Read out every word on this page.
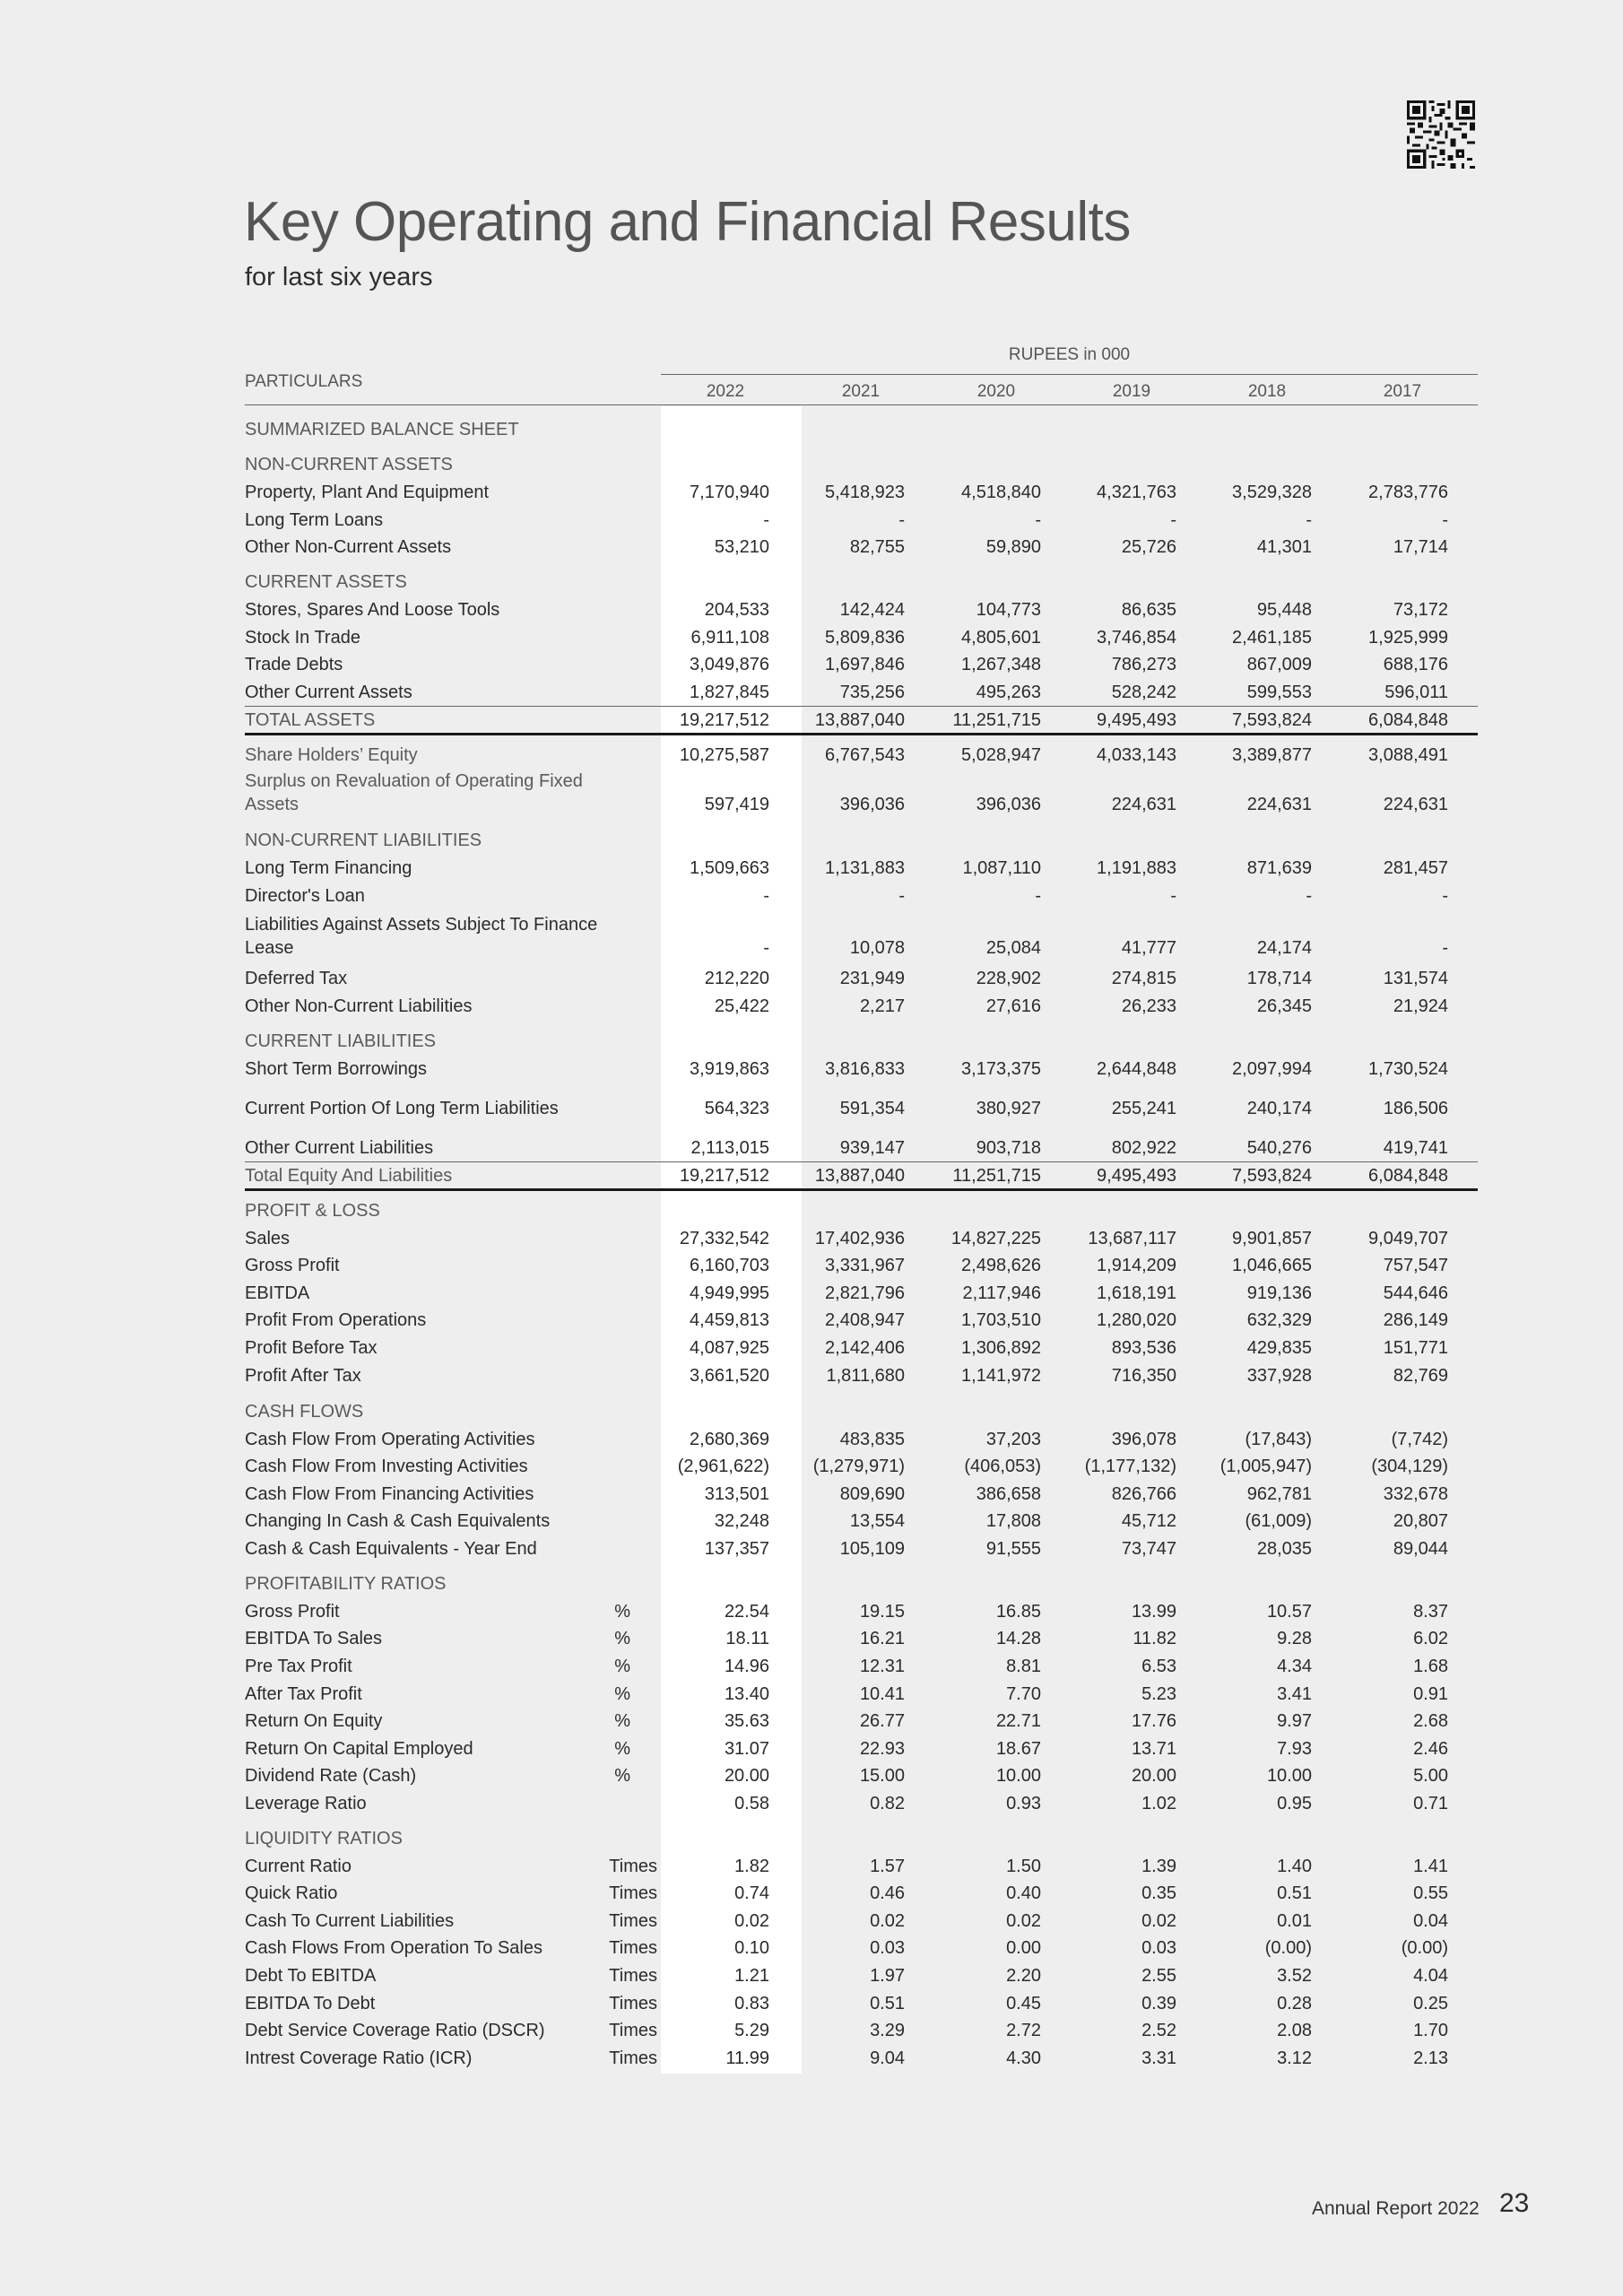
Key Operating and Financial Results
for last six years
RUPEES in 000
PARTICULARS
2022	2021	2020	2019	2018	2017
SUMMARIZED BALANCE SHEET
NON-CURRENT ASSETS
Property, Plant And Equipment	7,170,940	5,418,923	4,518,840	4,321,763	3,529,328	2,783,776
Long Term Loans	-	-	-	-	-	-
Other Non-Current Assets	53,210	82,755	59,890	25,726	41,301	17,714
CURRENT ASSETS
Stores, Spares And Loose Tools	204,533	142,424	104,773	86,635	95,448	73,172
Stock In Trade	6,911,108	5,809,836	4,805,601	3,746,854	2,461,185	1,925,999
Trade Debts	3,049,876	1,697,846	1,267,348	786,273	867,009	688,176
Other Current Assets	1,827,845	735,256	495,263	528,242	599,553	596,011
TOTAL ASSETS	19,217,512	13,887,040	11,251,715	9,495,493	7,593,824	6,084,848
Share Holders’ Equity	10,275,587	6,767,543	5,028,947	4,033,143	3,389,877	3,088,491
Surplus on Revaluation of Operating Fixed
Assets	597,419	396,036	396,036	224,631	224,631	224,631
NON-CURRENT LIABILITIES
Long Term Financing	1,509,663	1,131,883	1,087,110	1,191,883	871,639	281,457
Director's Loan	-	-	-	-	-	-
Liabilities Against Assets Subject To Finance
Lease	-	10,078	25,084	41,777	24,174	-
Deferred Tax	212,220	231,949	228,902	274,815	178,714	131,574
Other Non-Current Liabilities	25,422	2,217	27,616	26,233	26,345	21,924
CURRENT LIABILITIES
Short Term Borrowings	3,919,863	3,816,833	3,173,375	2,644,848	2,097,994	1,730,524
Current Portion Of Long Term Liabilities	564,323	591,354	380,927	255,241	240,174	186,506
Other Current Liabilities	2,113,015	939,147	903,718	802,922	540,276	419,741
Total Equity And Liabilities	19,217,512	13,887,040	11,251,715	9,495,493	7,593,824	6,084,848
PROFIT & LOSS
Sales	27,332,542	17,402,936	14,827,225	13,687,117	9,901,857	9,049,707
Gross Profit	6,160,703	3,331,967	2,498,626	1,914,209	1,046,665	757,547
EBITDA	4,949,995	2,821,796	2,117,946	1,618,191	919,136	544,646
Profit From Operations	4,459,813	2,408,947	1,703,510	1,280,020	632,329	286,149
Profit Before Tax	4,087,925	2,142,406	1,306,892	893,536	429,835	151,771
Profit After Tax	3,661,520	1,811,680	1,141,972	716,350	337,928	82,769
CASH FLOWS
Cash Flow From Operating Activities	2,680,369	483,835	37,203	396,078	(17,843)	(7,742)
Cash Flow From Investing Activities	(2,961,622)	(1,279,971)	(406,053)	(1,177,132)	(1,005,947)	(304,129)
Cash Flow From Financing Activities	313,501	809,690	386,658	826,766	962,781	332,678
Changing In Cash & Cash Equivalents	32,248	13,554	17,808	45,712	(61,009)	20,807
Cash & Cash Equivalents - Year End	137,357	105,109	91,555	73,747	28,035	89,044
PROFITABILITY RATIOS
Gross Profit	%	22.54	19.15	16.85	13.99	10.57	8.37
EBITDA To Sales	%	18.11	16.21	14.28	11.82	9.28	6.02
Pre Tax Profit	%	14.96	12.31	8.81	6.53	4.34	1.68
After Tax Profit	%	13.40	10.41	7.70	5.23	3.41	0.91
Return On Equity	%	35.63	26.77	22.71	17.76	9.97	2.68
Return On Capital Employed	%	31.07	22.93	18.67	13.71	7.93	2.46
Dividend Rate (Cash)	%	20.00	15.00	10.00	20.00	10.00	5.00
Leverage Ratio	0.58	0.82	0.93	1.02	0.95	0.71
LIQUIDITY RATIOS
Current Ratio	Times	1.82	1.57	1.50	1.39	1.40	1.41
Quick Ratio	Times	0.74	0.46	0.40	0.35	0.51	0.55
Cash To Current Liabilities	Times	0.02	0.02	0.02	0.02	0.01	0.04
Cash Flows From Operation To Sales	Times	0.10	0.03	0.00	0.03	(0.00)	(0.00)
Debt To EBITDA	Times	1.21	1.97	2.20	2.55	3.52	4.04
EBITDA To Debt	Times	0.83	0.51	0.45	0.39	0.28	0.25
Debt Service Coverage Ratio (DSCR)	Times	5.29	3.29	2.72	2.52	2.08	1.70
Intrest Coverage Ratio (ICR)	Times	11.99	9.04	4.30	3.31	3.12	2.13
Annual Report 2022 23
